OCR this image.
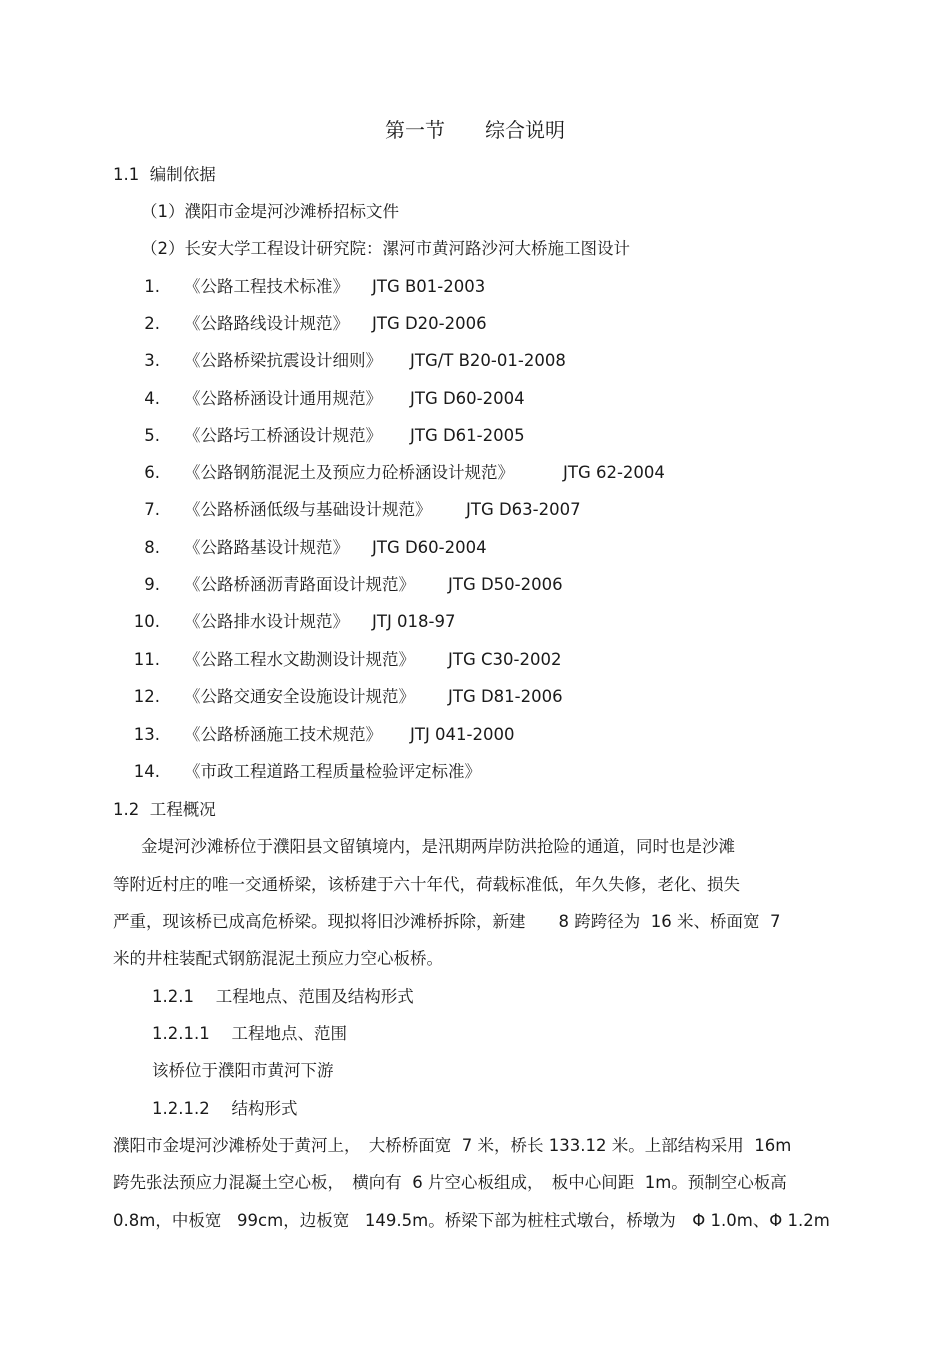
第一节　　综合说明
1.1  编制依据
（1）濮阳市金堤河沙滩桥招标文件
（2）长安大学工程设计研究院：漯河市黄河路沙河大桥施工图设计
1. 《公路工程技术标准》 JTG B01-2003
2. 《公路路线设计规范》 JTG D20-2006
3. 《公路桥梁抗震设计细则》 JTG/T B20-01-2008
4. 《公路桥涵设计通用规范》 JTG D60-2004
5. 《公路圬工桥涵设计规范》 JTG D61-2005
6. 《公路钢筋混泥土及预应力砼桥涵设计规范》	JTG 62-2004
7. 《公路桥涵低级与基础设计规范》 JTG D63-2007
8. 《公路路基设计规范》 JTG D60-2004
9. 《公路桥涵沥青路面设计规范》 JTG D50-2006
10. 《公路排水设计规范》 JTJ 018-97
11. 《公路工程水文勘测设计规范》 JTG C30-2002
12. 《公路交通安全设施设计规范》 JTG D81-2006
13. 《公路桥涵施工技术规范》 JTJ 041-2000
14. 《市政工程道路工程质量检验评定标准》
1.2  工程概况
金堤河沙滩桥位于濮阳县文留镇境内，是汛期两岸防洪抢险的通道，同时也是沙滩
等附近村庄的唯一交通桥梁，该桥建于六十年代，荷载标准低，年久失修，老化、损失
严重，现该桥已成高危桥梁。现拟将旧沙滩桥拆除，新建　　8 跨跨径为  16 米、桥面宽  7
米的井柱装配式钢筋混泥土预应力空心板桥。
1.2.1　 工程地点、范围及结构形式
1.2.1.1　 工程地点、范围
该桥位于濮阳市黄河下游
1.2.1.2　 结构形式
濮阳市金堤河沙滩桥处于黄河上，　大桥桥面宽  7 米，桥长 133.12 米。上部结构采用  16m
跨先张法预应力混凝土空心板，　横向有  6 片空心板组成，　板中心间距  1m。预制空心板高
0.8m，中板宽   99cm，边板宽   149.5m。桥梁下部为桩柱式墩台，桥墩为　Φ 1.0m、Φ 1.2m
